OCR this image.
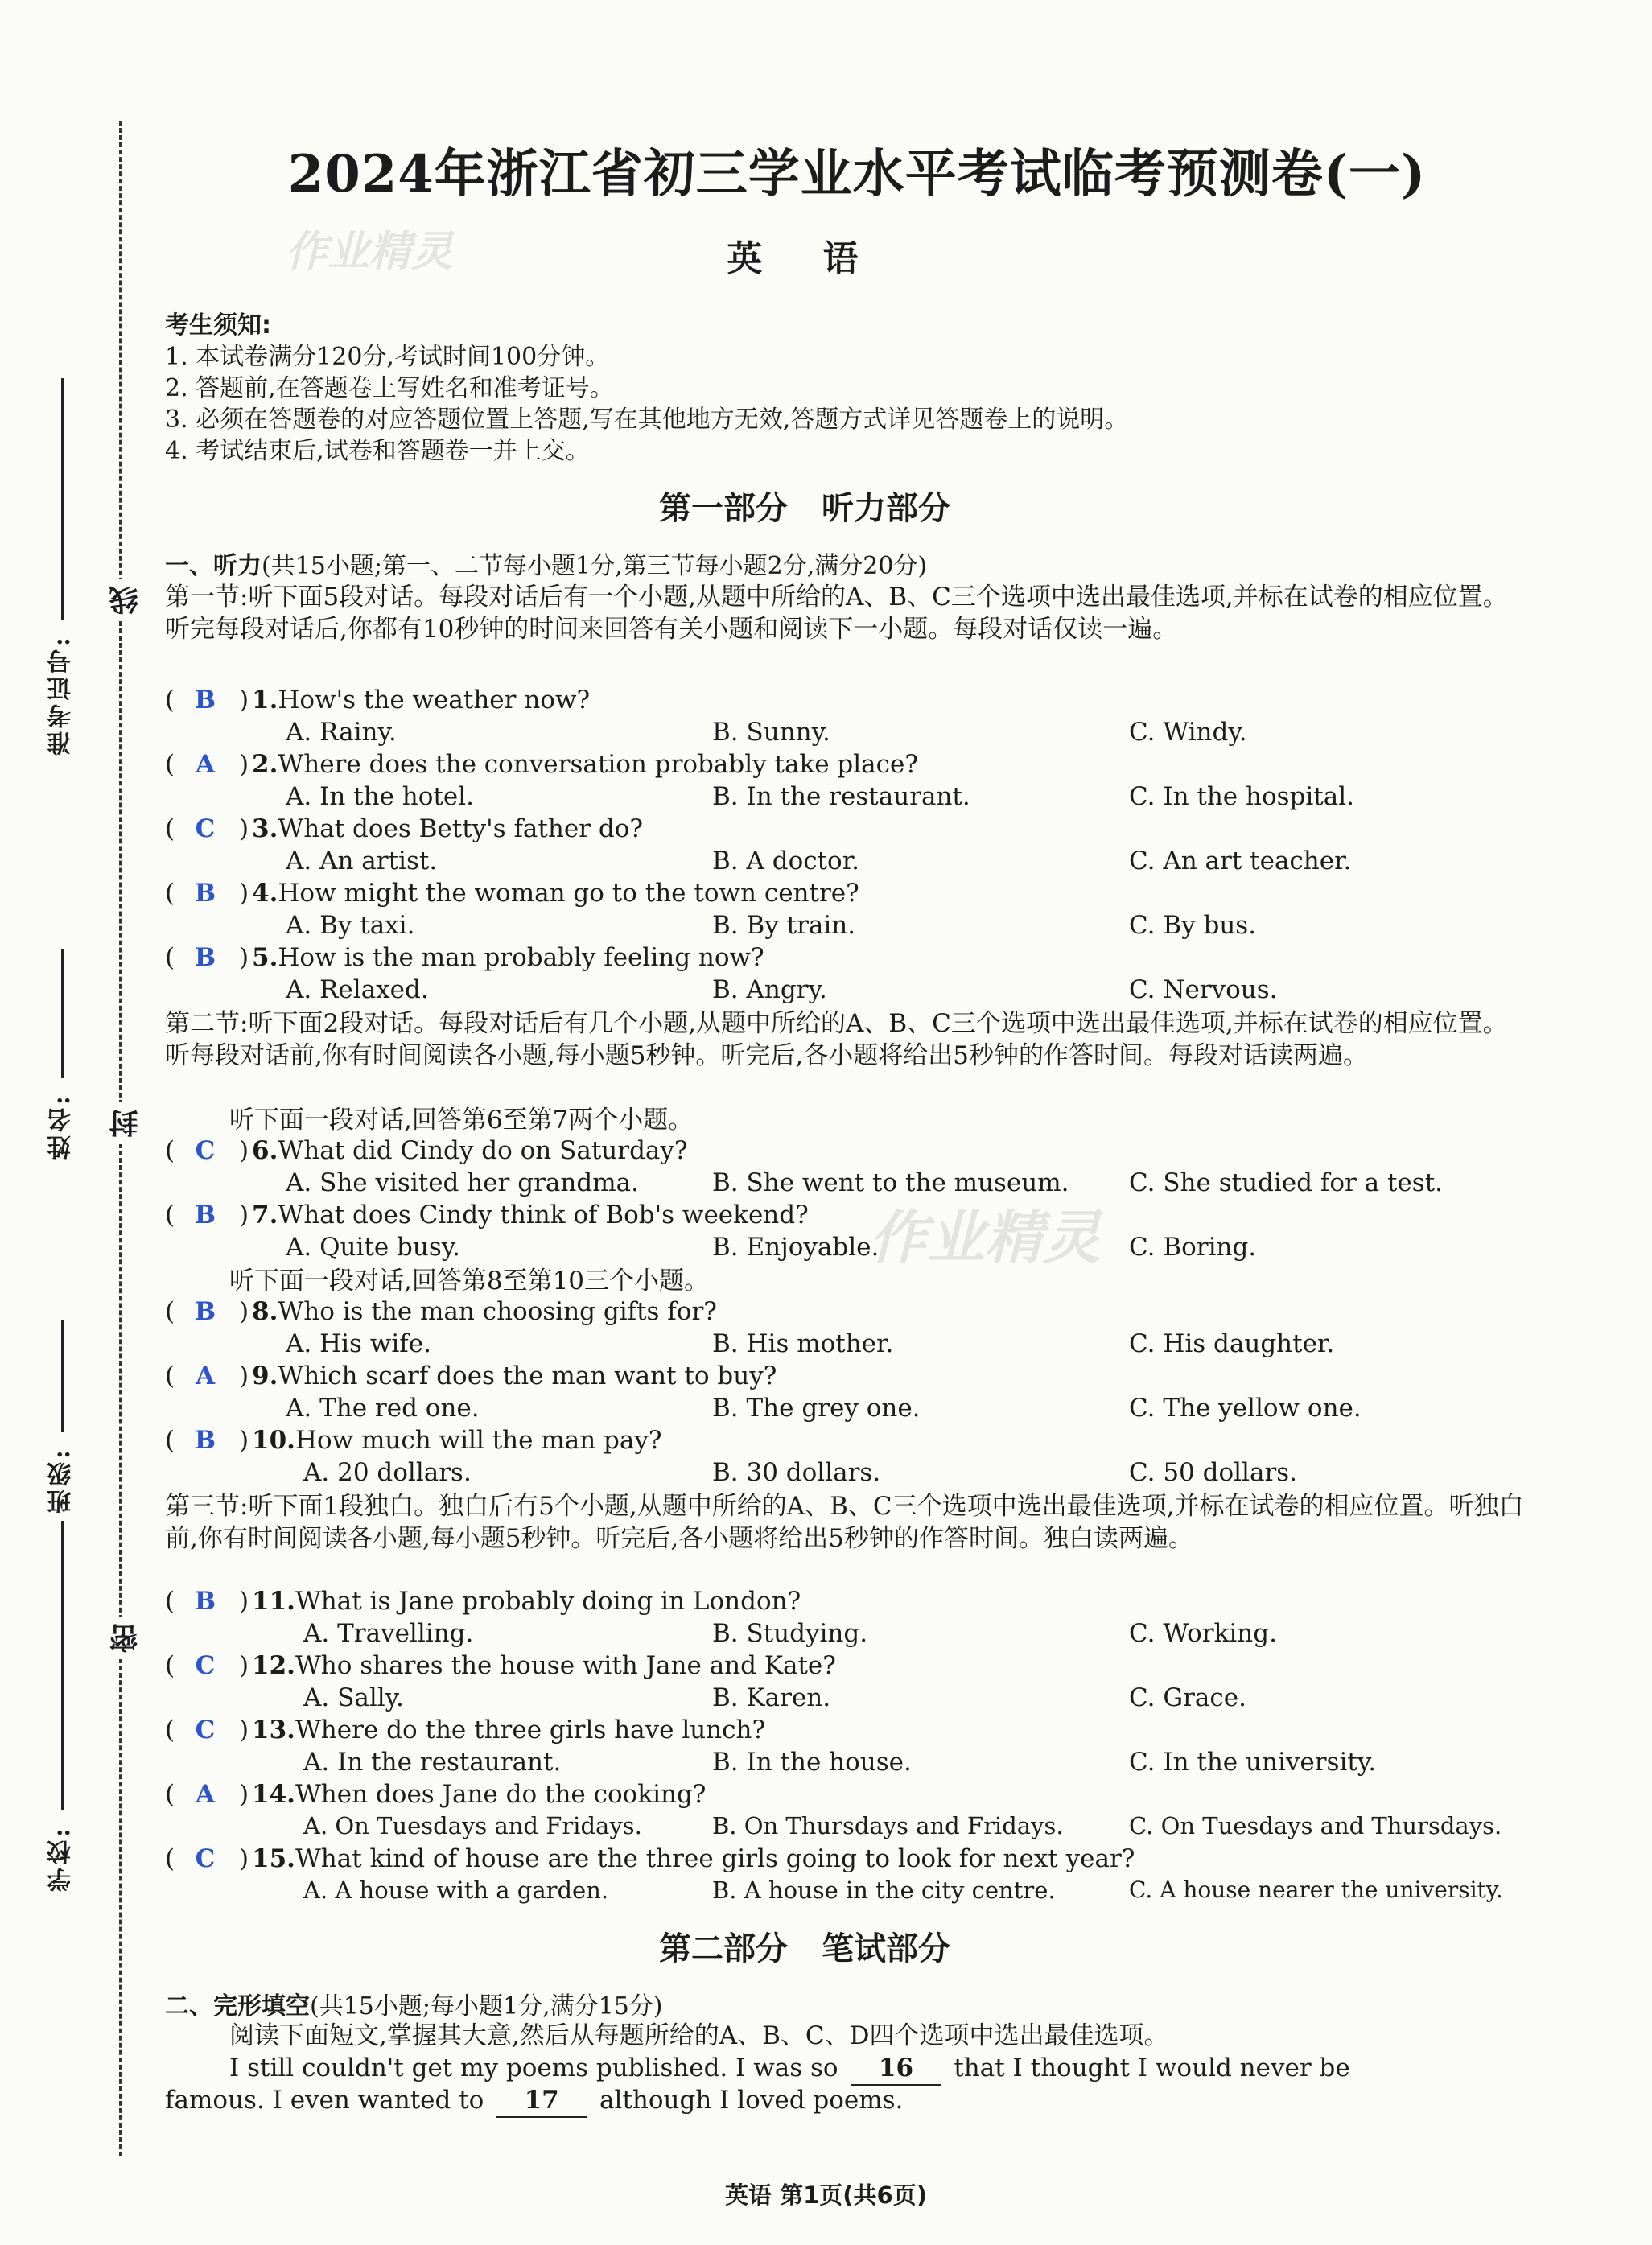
准考证号:
姓名:
班级:
学校:
线
封
密
作业精灵
作业精灵
2024年浙江省初三学业水平考试临考预测卷(一)
英 语
考生须知:
1. 本试卷满分120分,考试时间100分钟。
2. 答题前,在答题卷上写姓名和准考证号。
3. 必须在答题卷的对应答题位置上答题,写在其他地方无效,答题方式详见答题卷上的说明。
4. 考试结束后,试卷和答题卷一并上交。
第一部分 听力部分
一、听力(共15小题;第一、二节每小题1分,第三节每小题2分,满分20分)
第一节:听下面5段对话。每段对话后有一个小题,从题中所给的A、B、C三个选项中选出最佳选项,并标在试卷的相应位置。听完每段对话后,你都有10秒钟的时间来回答有关小题和阅读下一小题。每段对话仅读一遍。
( B ) 1.How's the weather now?
A. Rainy.	B. Sunny.	C. Windy.
( A ) 2.Where does the conversation probably take place?
A. In the hotel.	B. In the restaurant.	C. In the hospital.
( C ) 3.What does Betty's father do?
A. An artist.	B. A doctor.	C. An art teacher.
( B ) 4.How might the woman go to the town centre?
A. By taxi.	B. By train.	C. By bus.
( B ) 5.How is the man probably feeling now?
A. Relaxed.	B. Angry.	C. Nervous.
第二节:听下面2段对话。每段对话后有几个小题,从题中所给的A、B、C三个选项中选出最佳选项,并标在试卷的相应位置。听每段对话前,你有时间阅读各小题,每小题5秒钟。听完后,各小题将给出5秒钟的作答时间。每段对话读两遍。
听下面一段对话,回答第6至第7两个小题。
( C ) 6.What did Cindy do on Saturday?
A. She visited her grandma.	B. She went to the museum. C. She studied for a test.
( B ) 7.What does Cindy think of Bob's weekend?
A. Quite busy.	B. Enjoyable.	C. Boring.
听下面一段对话,回答第8至第10三个小题。
( B ) 8.Who is the man choosing gifts for?
A. His wife.	B. His mother.	C. His daughter.
( A ) 9.Which scarf does the man want to buy?
A. The red one.	B. The grey one.	C. The yellow one.
( B ) 10.How much will the man pay?
A. 20 dollars.	B. 30 dollars.	C. 50 dollars.
第三节:听下面1段独白。独白后有5个小题,从题中所给的A、B、C三个选项中选出最佳选项,并标在试卷的相应位置。听独白前,你有时间阅读各小题,每小题5秒钟。听完后,各小题将给出5秒钟的作答时间。独白读两遍。
( B ) 11.What is Jane probably doing in London?
A. Travelling.	B. Studying.	C. Working.
( C ) 12.Who shares the house with Jane and Kate?
A. Sally.	B. Karen.	C. Grace.
( C ) 13.Where do the three girls have lunch?
A. In the restaurant.	B. In the house.	C. In the university.
( A ) 14.When does Jane do the cooking?
A. On Tuesdays and Fridays.	B. On Thursdays and Fridays.	C. On Tuesdays and Thursdays.
( C ) 15.What kind of house are the three girls going to look for next year?
A. A house with a garden.	B. A house in the city centre.	C. A house nearer the university.
第二部分 笔试部分
二、完形填空(共15小题;每小题1分,满分15分)
阅读下面短文,掌握其大意,然后从每题所给的A、B、C、D四个选项中选出最佳选项。
I still couldn't get my poems published. I was so 16 that I thought I would never be
famous. I even wanted to 17 although I loved poems.
英语 第1页(共6页)
